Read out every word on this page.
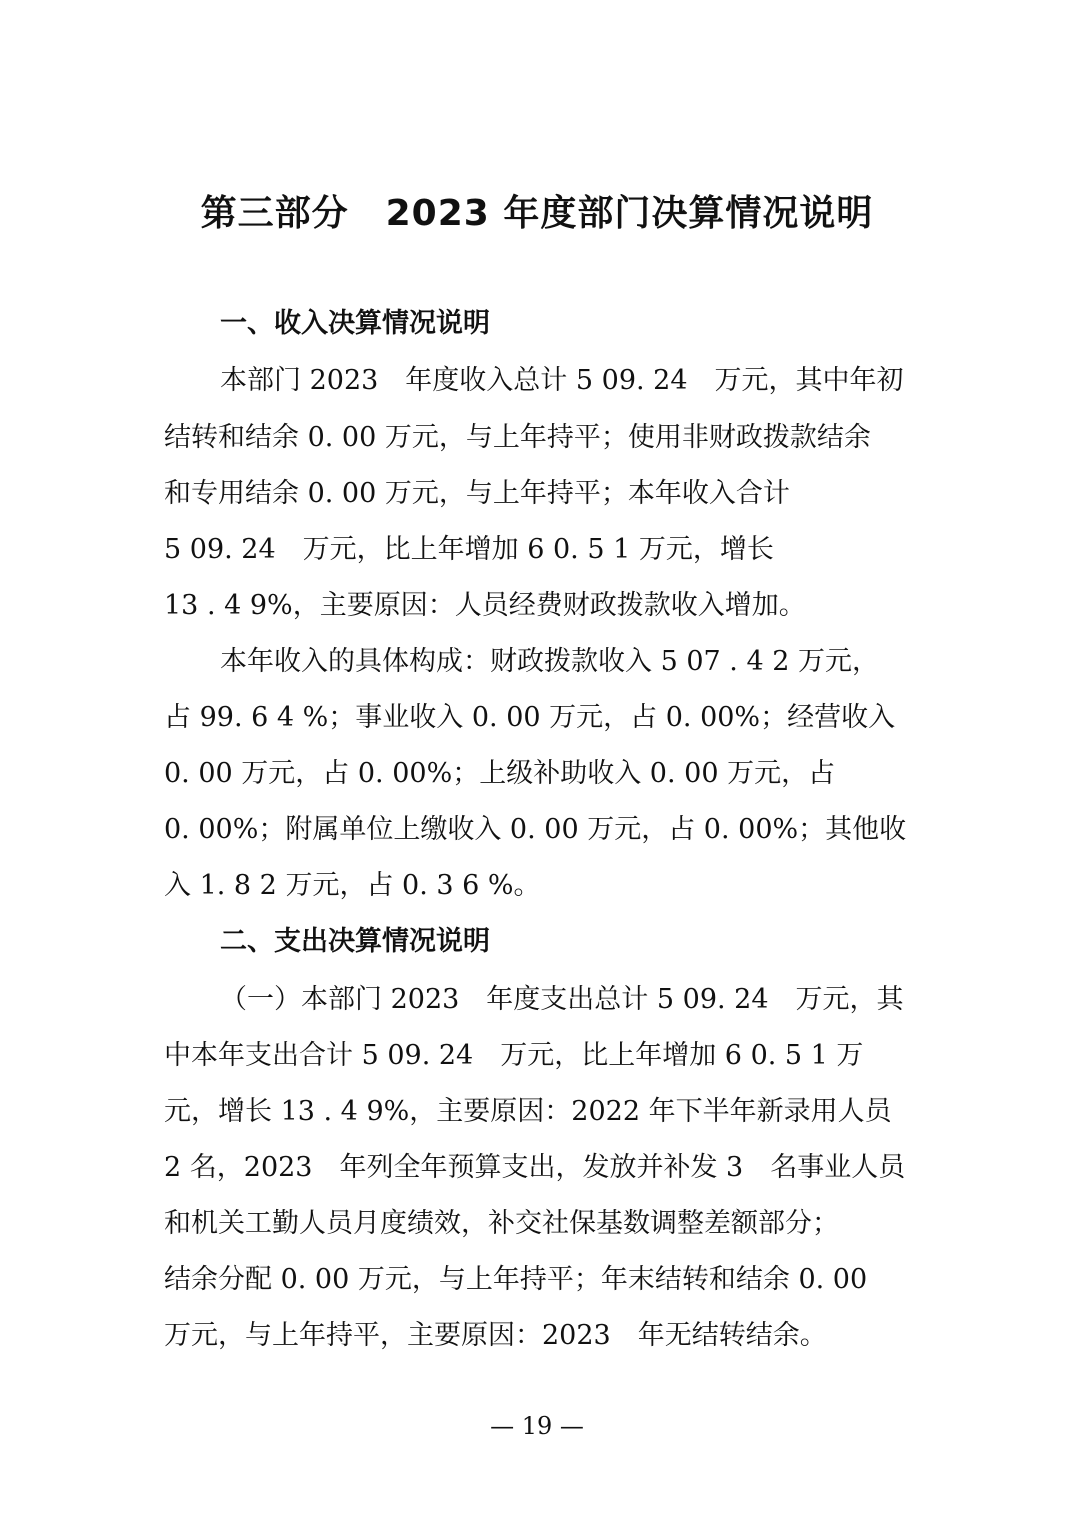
第三部分　2023 年度部门决算情况说明
一、收入决算情况说明
本部门 2023　年度收入总计 5 09. 24　万元，其中年初
结转和结余 0. 00 万元，与上年持平；使用非财政拨款结余
和专用结余 0. 00 万元，与上年持平；本年收入合计
5 09. 24　万元，比上年增加 6 0. 5 1 万元，增长
13 . 4 9%，主要原因：人员经费财政拨款收入增加。
本年收入的具体构成：财政拨款收入 5 07 . 4 2 万元，
占 99. 6 4 %；事业收入 0. 00 万元，占 0. 00%；经营收入
0. 00 万元，占 0. 00%；上级补助收入 0. 00 万元，占
0. 00%；附属单位上缴收入 0. 00 万元，占 0. 00%；其他收
入 1. 8 2 万元，占 0. 3 6 %。
二、支出决算情况说明
（一）本部门 2023　年度支出总计 5 09. 24　万元，其
中本年支出合计 5 09. 24　万元，比上年增加 6 0. 5 1 万
元，增长 13 . 4 9%，主要原因：2022 年下半年新录用人员
2 名，2023　年列全年预算支出，发放并补发 3　名事业人员
和机关工勤人员月度绩效，补交社保基数调整差额部分；
结余分配 0. 00 万元，与上年持平；年末结转和结余 0. 00
万元，与上年持平，主要原因：2023　年无结转结余。
— 19 —
